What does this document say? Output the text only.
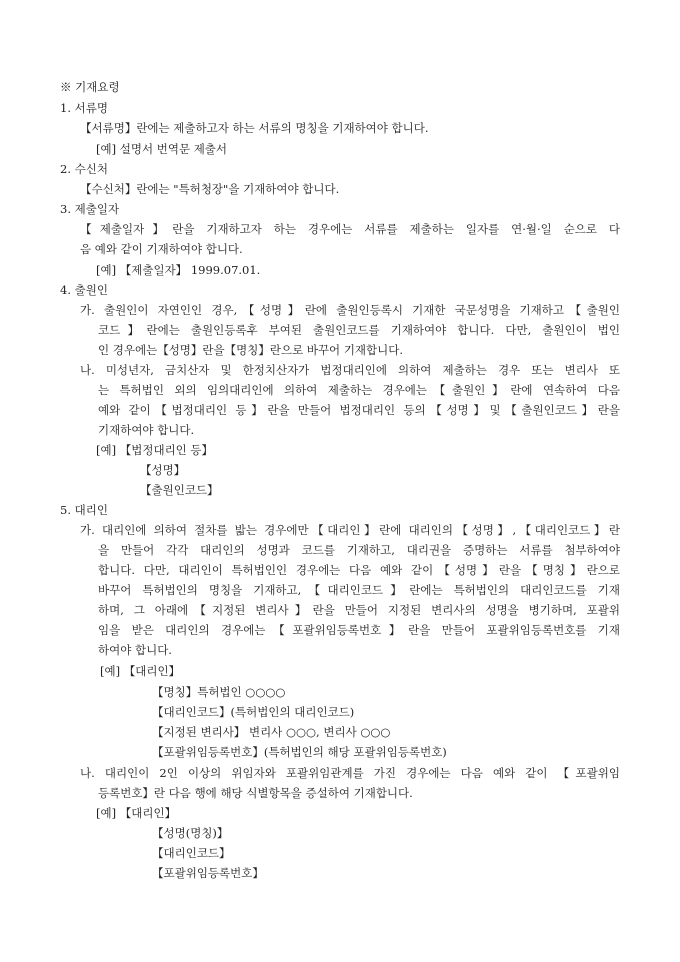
※ 기재요령
1. 서류명
【서류명】란에는 제출하고자 하는 서류의 명칭을 기재하여야 합니다.
[예] 설명서 번역문 제출서
2. 수신처
【수신처】란에는 "특허청장"을 기재하여야 합니다.
3. 제출일자
【제출일자】란을 기재하고자 하는 경우에는 서류를 제출하는 일자를 연·월·일 순으로 다
음 예와 같이 기재하여야 합니다.
[예] 【제출일자】 1999.07.01.
4. 출원인
가. 출원인이 자연인인 경우,【성명】란에 출원인등록시 기재한 국문성명을 기재하고【출원인
코드】란에는 출원인등록후 부여된 출원인코드를 기재하여야 합니다. 다만, 출원인이 법인
인 경우에는【성명】란을【명칭】란으로 바꾸어 기재합니다.
나. 미성년자, 금치산자 및 한정치산자가 법정대리인에 의하여 제출하는 경우 또는 변리사 또
는 특허법인 외의 임의대리인에 의하여 제출하는 경우에는【출원인】란에 연속하여 다음
예와 같이【법정대리인 등】란을 만들어 법정대리인 등의【성명】및【출원인코드】란을
기재하여야 합니다.
[예] 【법정대리인 등】
【성명】
【출원인코드】
5. 대리인
가. 대리인에 의하여 절차를 밟는 경우에만【대리인】란에 대리인의【성명】,【대리인코드】란
을 만들어 각각 대리인의 성명과 코드를 기재하고, 대리권을 증명하는 서류를 첨부하여야
합니다. 다만, 대리인이 특허법인인 경우에는 다음 예와 같이【성명】란을【명칭】란으로
바꾸어 특허법인의 명칭을 기재하고,【대리인코드】란에는 특허법인의 대리인코드를 기재
하며, 그 아래에【지정된 변리사】란을 만들어 지정된 변리사의 성명을 병기하며, 포괄위
임을 받은 대리인의 경우에는【포괄위임등록번호】란을 만들어 포괄위임등록번호를 기재
하여야 합니다.
[예] 【대리인】
【명칭】특허법인 ○○○○
【대리인코드】(특허법인의 대리인코드)
【지정된 변리사】 변리사 ○○○, 변리사 ○○○
【포괄위임등록번호】(특허법인의 해당 포괄위임등록번호)
나. 대리인이 2인 이상의 위임자와 포괄위임관계를 가진 경우에는 다음 예와 같이 【포괄위임
등록번호】란 다음 행에 해당 식별항목을 증설하여 기재합니다.
[예] 【대리인】
【성명(명칭)】
【대리인코드】
【포괄위임등록번호】
